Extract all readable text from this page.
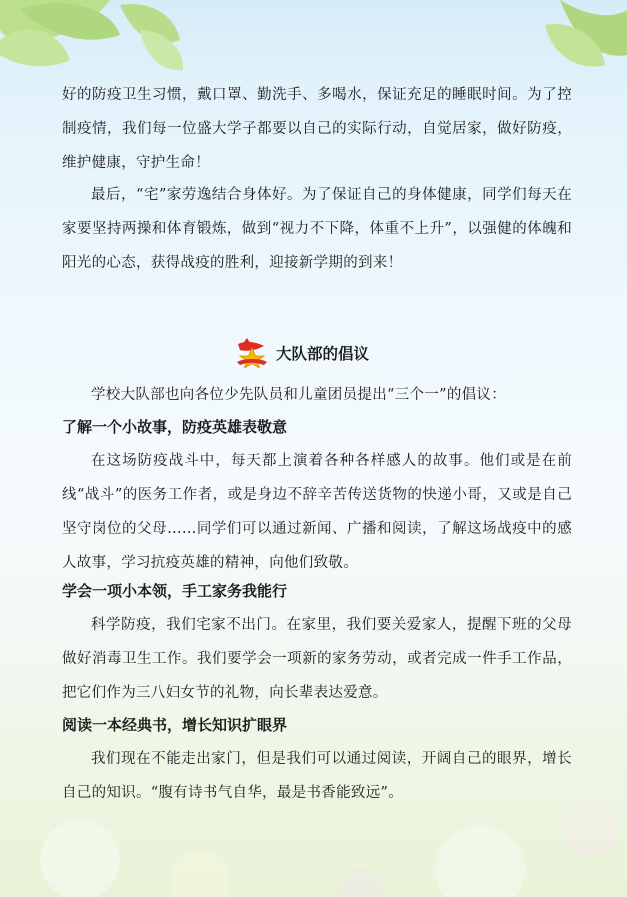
好的防疫卫生习惯，戴口罩、勤洗手、多喝水，保证充足的睡眠时间。为了控制疫情，我们每一位盛大学子都要以自己的实际行动，自觉居家，做好防疫，维护健康，守护生命！

最后，“宅”家劳逸结合身体好。为了保证自己的身体健康，同学们每天在家要坚持两操和体育锻炼，做到“视力不下降，体重不上升”，以强健的体魄和阳光的心态，获得战疫的胜利，迎接新学期的到来！

大队部的倡议

学校大队部也向各位少先队员和儿童团员提出“三个一”的倡议：

了解一个小故事，防疫英雄表敬意

在这场防疫战斗中，每天都上演着各种各样感人的故事。他们或是在前线“战斗”的医务工作者，或是身边不辞辛苦传送货物的快递小哥，又或是自己坚守岗位的父母……同学们可以通过新闻、广播和阅读，了解这场战疫中的感人故事，学习抗疫英雄的精神，向他们致敬。

学会一项小本领，手工家务我能行

科学防疫，我们宅家不出门。在家里，我们要关爱家人，提醒下班的父母做好消毒卫生工作。我们要学会一项新的家务劳动，或者完成一件手工作品，把它们作为三八妇女节的礼物，向长辈表达爱意。

阅读一本经典书，增长知识扩眼界

我们现在不能走出家门，但是我们可以通过阅读，开阔自己的眼界，增长自己的知识。“腹有诗书气自华，最是书香能致远”。
